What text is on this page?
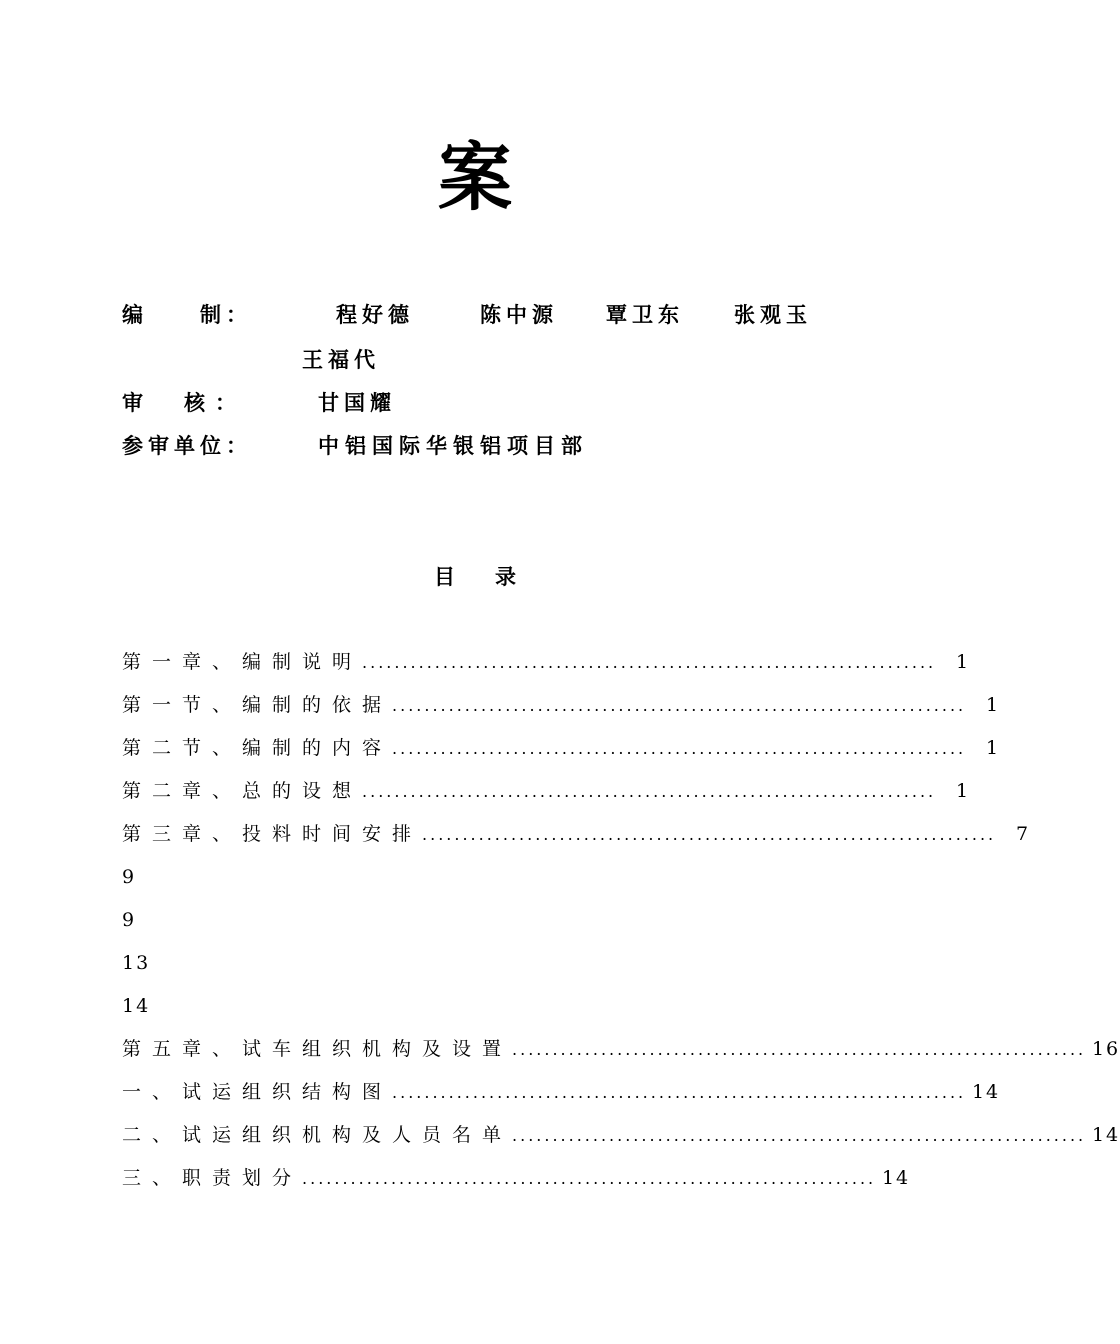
案
编　　制：	程好德	陈中源 覃卫东 张观玉
王福代
审　核：	甘国耀
参审单位：	中铝国际华银铝项目部
目录
第一章、编制说明 .......................................................................	1
第一节、编制的依据 .......................................................................	1
第二节、编制的内容 .......................................................................	1
第二章、总的设想 .......................................................................	1
第三章、投料时间安排 .......................................................................	7
9
9
13
14
第五章、试车组织机构及设置 ....................................................................... 16
一、试运组织结构图 ....................................................................... 14
二、试运组织机构及人员名单 ....................................................................... 14
三、职责划分 ....................................................................... 14
